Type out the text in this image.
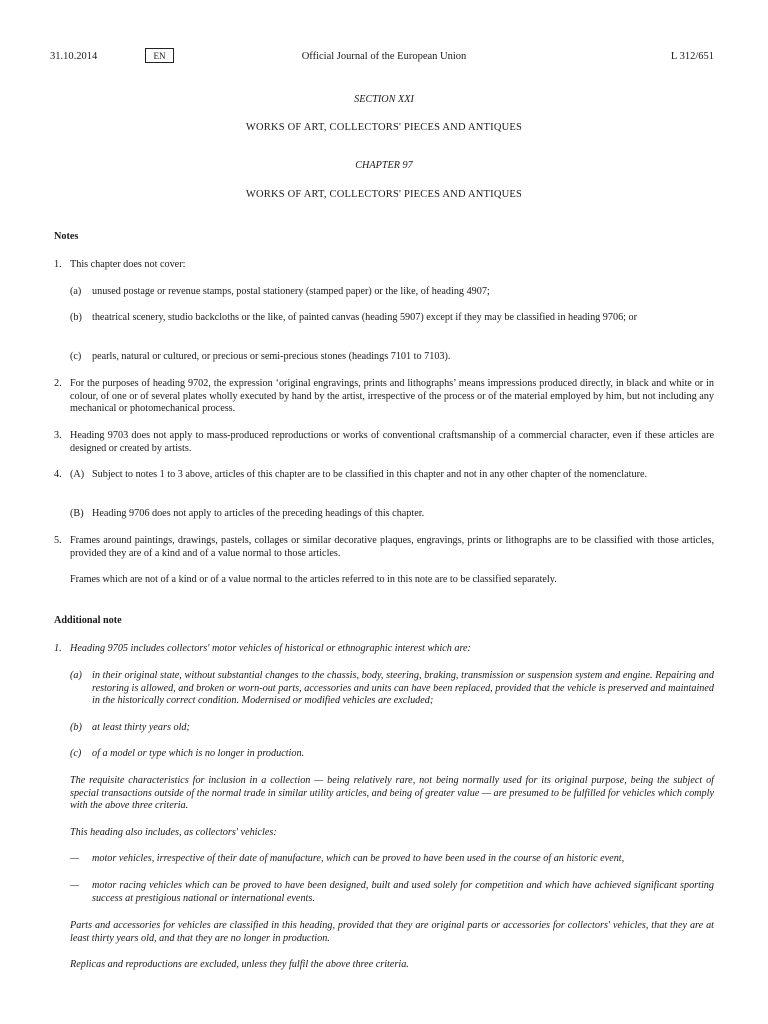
31.10.2014	EN	Official Journal of the European Union	L 312/651
SECTION XXI
WORKS OF ART, COLLECTORS' PIECES AND ANTIQUES
CHAPTER 97
WORKS OF ART, COLLECTORS' PIECES AND ANTIQUES
Notes
1. This chapter does not cover:
(a) unused postage or revenue stamps, postal stationery (stamped paper) or the like, of heading 4907;
(b) theatrical scenery, studio backcloths or the like, of painted canvas (heading 5907) except if they may be classified in heading 9706; or
(c) pearls, natural or cultured, or precious or semi-precious stones (headings 7101 to 7103).
2. For the purposes of heading 9702, the expression ‘original engravings, prints and lithographs’ means impressions produced directly, in black and white or in colour, of one or of several plates wholly executed by hand by the artist, irrespective of the process or of the material employed by him, but not including any mechanical or photomechanical process.
3. Heading 9703 does not apply to mass-produced reproductions or works of conventional craftsmanship of a commercial character, even if these articles are designed or created by artists.
4. (A) Subject to notes 1 to 3 above, articles of this chapter are to be classified in this chapter and not in any other chapter of the nomenclature.
(B) Heading 9706 does not apply to articles of the preceding headings of this chapter.
5. Frames around paintings, drawings, pastels, collages or similar decorative plaques, engravings, prints or lithographs are to be classified with those articles, provided they are of a kind and of a value normal to those articles.
Frames which are not of a kind or of a value normal to the articles referred to in this note are to be classified separately.
Additional note
1. Heading 9705 includes collectors' motor vehicles of historical or ethnographic interest which are:
(a) in their original state, without substantial changes to the chassis, body, steering, braking, transmission or suspension system and engine. Repairing and restoring is allowed, and broken or worn-out parts, accessories and units can have been replaced, provided that the vehicle is preserved and maintained in the historically correct condition. Modernised or modified vehicles are excluded;
(b) at least thirty years old;
(c) of a model or type which is no longer in production.
The requisite characteristics for inclusion in a collection — being relatively rare, not being normally used for its original purpose, being the subject of special transactions outside of the normal trade in similar utility articles, and being of greater value — are presumed to be fulfilled for vehicles which comply with the above three criteria.
This heading also includes, as collectors' vehicles:
— motor vehicles, irrespective of their date of manufacture, which can be proved to have been used in the course of an historic event,
— motor racing vehicles which can be proved to have been designed, built and used solely for competition and which have achieved significant sporting success at prestigious national or international events.
Parts and accessories for vehicles are classified in this heading, provided that they are original parts or accessories for collectors' vehicles, that they are at least thirty years old, and that they are no longer in production.
Replicas and reproductions are excluded, unless they fulfil the above three criteria.
